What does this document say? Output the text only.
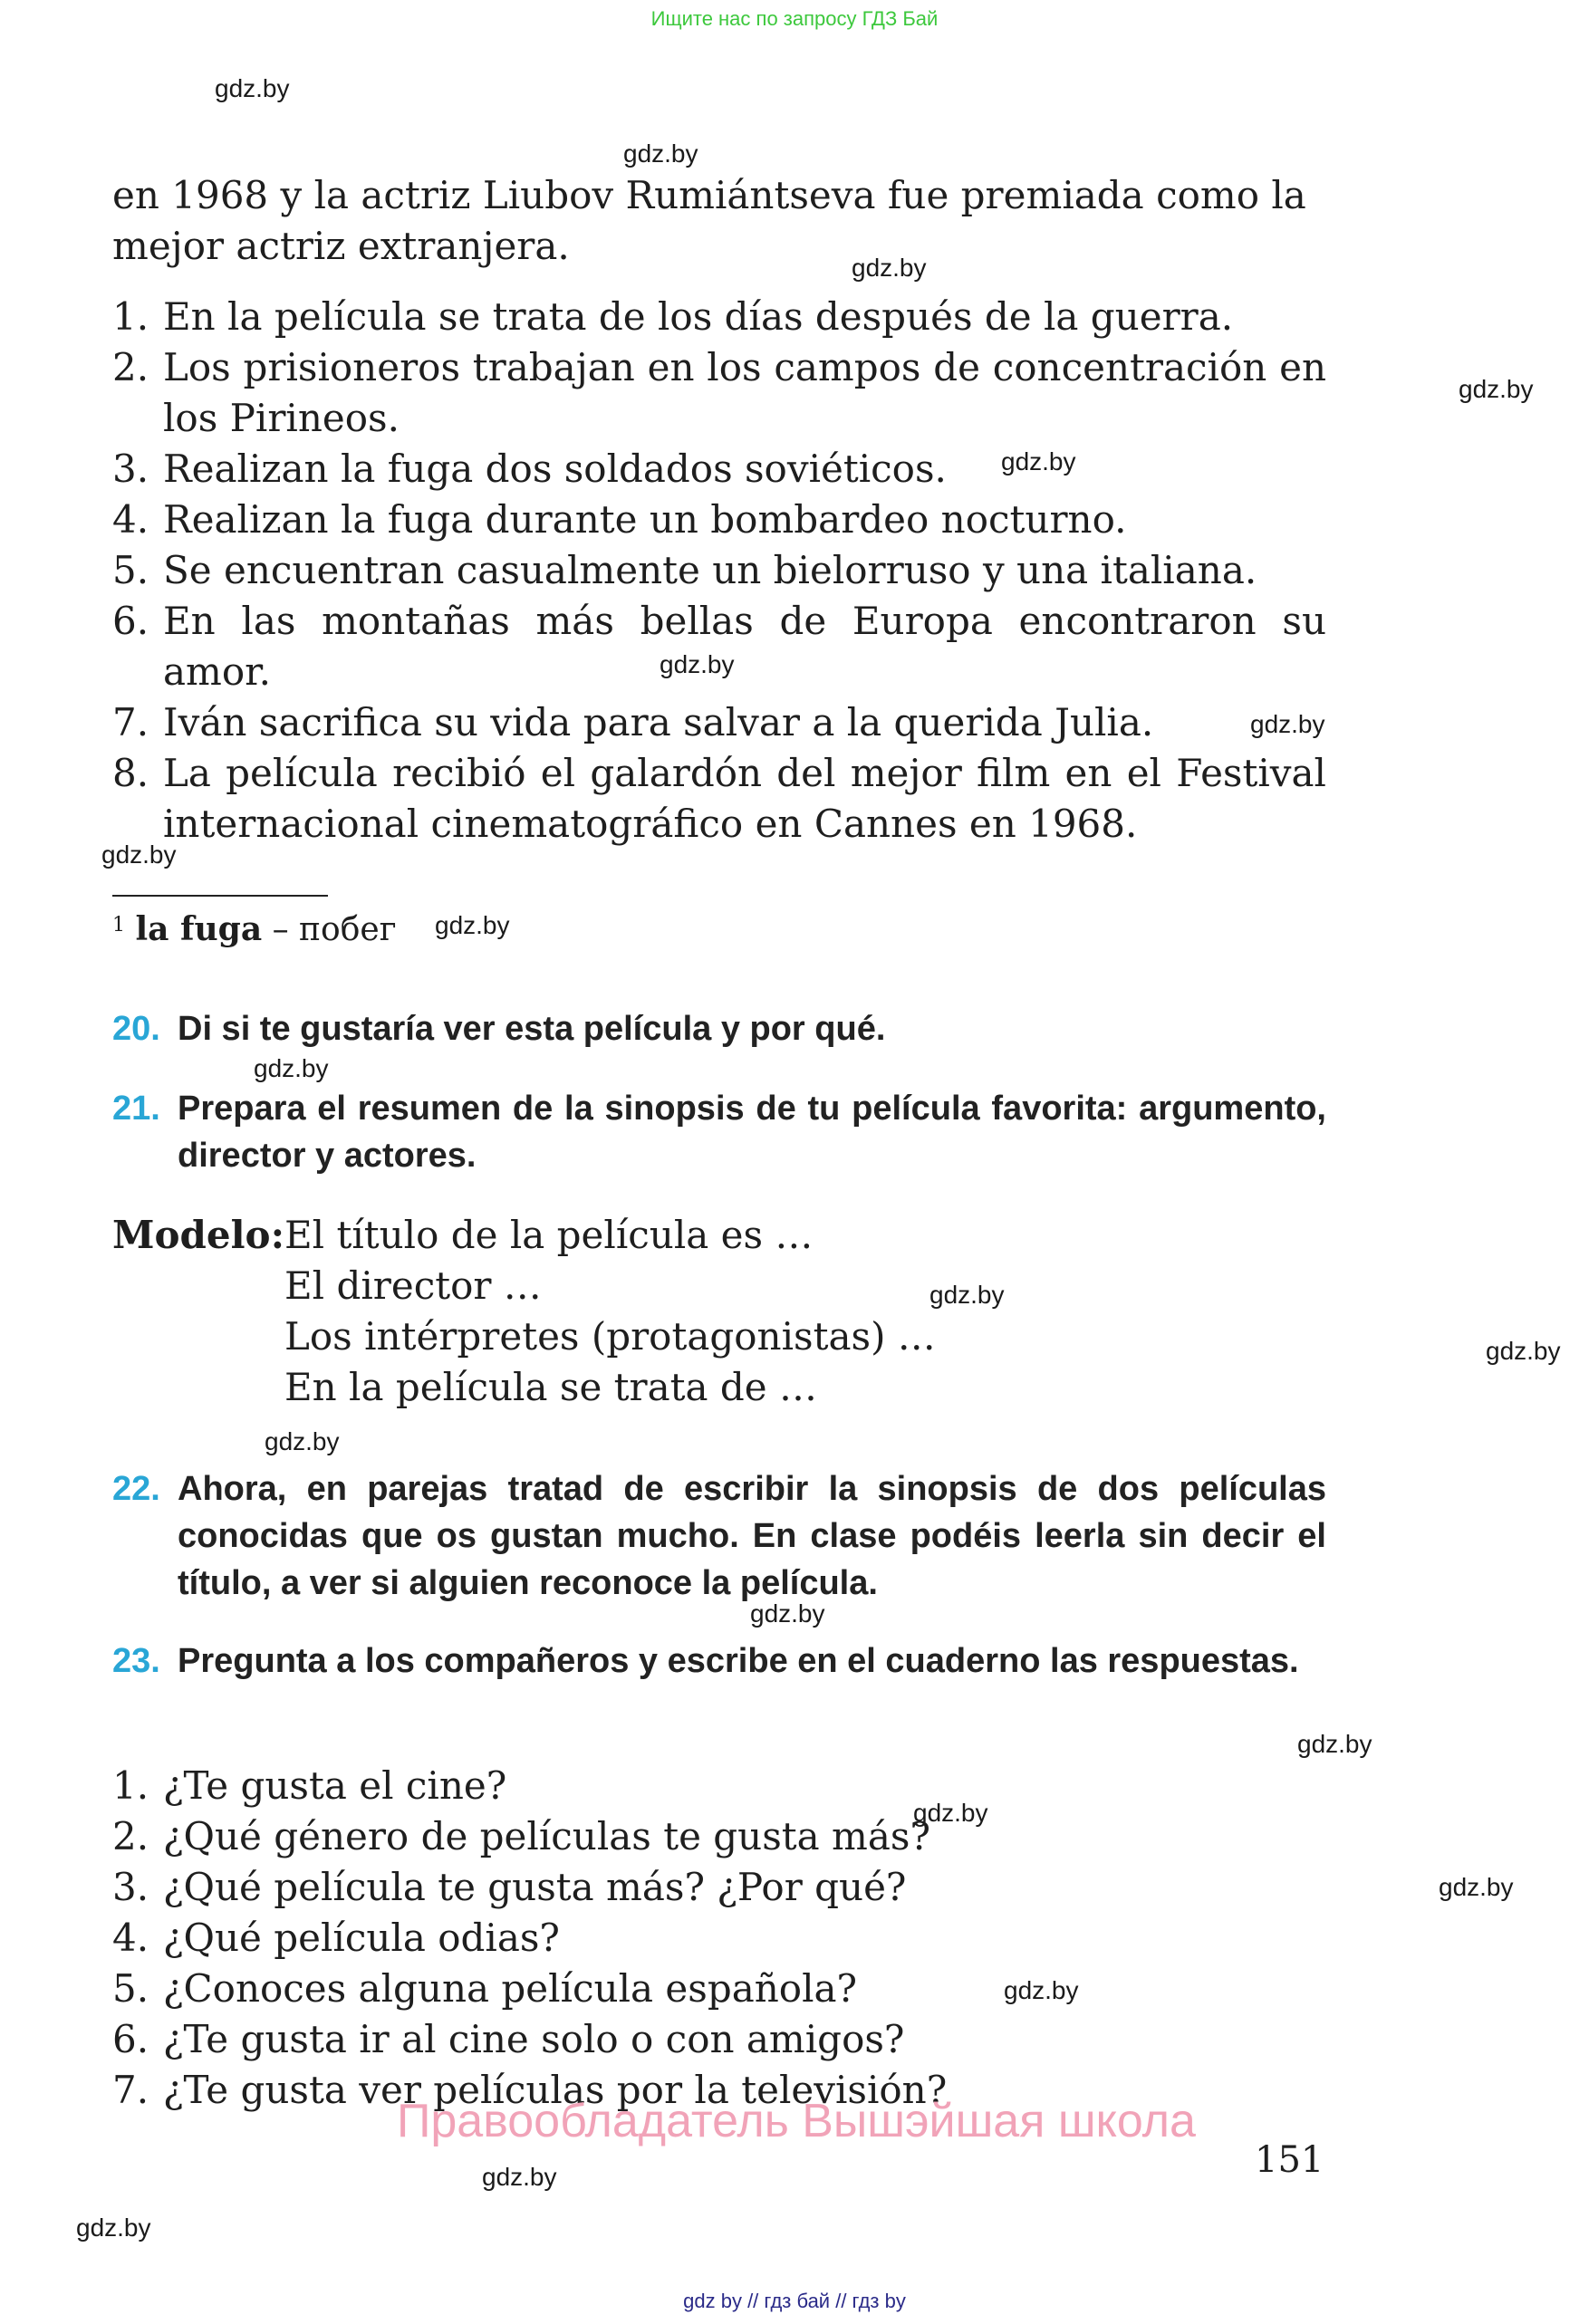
Ищите нас по запросу ГДЗ Бай
gdz.by
gdz.by
gdz.by
gdz.by
gdz.by
gdz.by
gdz.by
gdz.by
gdz.by
gdz.by
gdz.by
gdz.by
gdz.by
gdz.by
gdz.by
gdz.by
gdz.by
gdz.by
gdz.by
gdz.by

en 1968 y la actriz Liubov Rumiántseva fue premiada como la mejor actriz extranjera.

1. En la película se trata de los días después de la guerra.
2. Los prisioneros trabajan en los campos de concentración en los Pirineos.
3. Realizan la fuga dos soldados soviéticos.
4. Realizan la fuga durante un bombardeo nocturno.
5. Se encuentran casualmente un bielorruso y una italiana.
6. En las montañas más bellas de Europa encontraron su amor.
7. Iván sacrifica su vida para salvar a la querida Julia.
8. La película recibió el galardón del mejor film en el Festival internacional cinematográfico en Cannes en 1968.
$^1$ la fuga – побег
20. Di si te gustaría ver esta película y por qué.
21. Prepara el resumen de la sinopsis de tu película favorita: argumento, director y actores.
Modelo: El título de la película es …
El director …
Los intérpretes (protagonistas) …
En la película se trata de …
22. Ahora, en parejas tratad de escribir la sinopsis de dos películas conocidas que os gustan mucho. En clase podéis leerla sin decir el título, a ver si alguien reconoce la película.
23. Pregunta a los compañeros y escribe en el cuaderno las respuestas.
1. ¿Te gusta el cine?
2. ¿Qué género de películas te gusta más?
3. ¿Qué película te gusta más? ¿Por qué?
4. ¿Qué película odias?
5. ¿Conoces alguna película española?
6. ¿Te gusta ir al cine solo o con amigos?
7. ¿Te gusta ver películas por la televisión?
Правообладатель Вышэйшая школа
151
gdz by // гдз бай // гдз by
